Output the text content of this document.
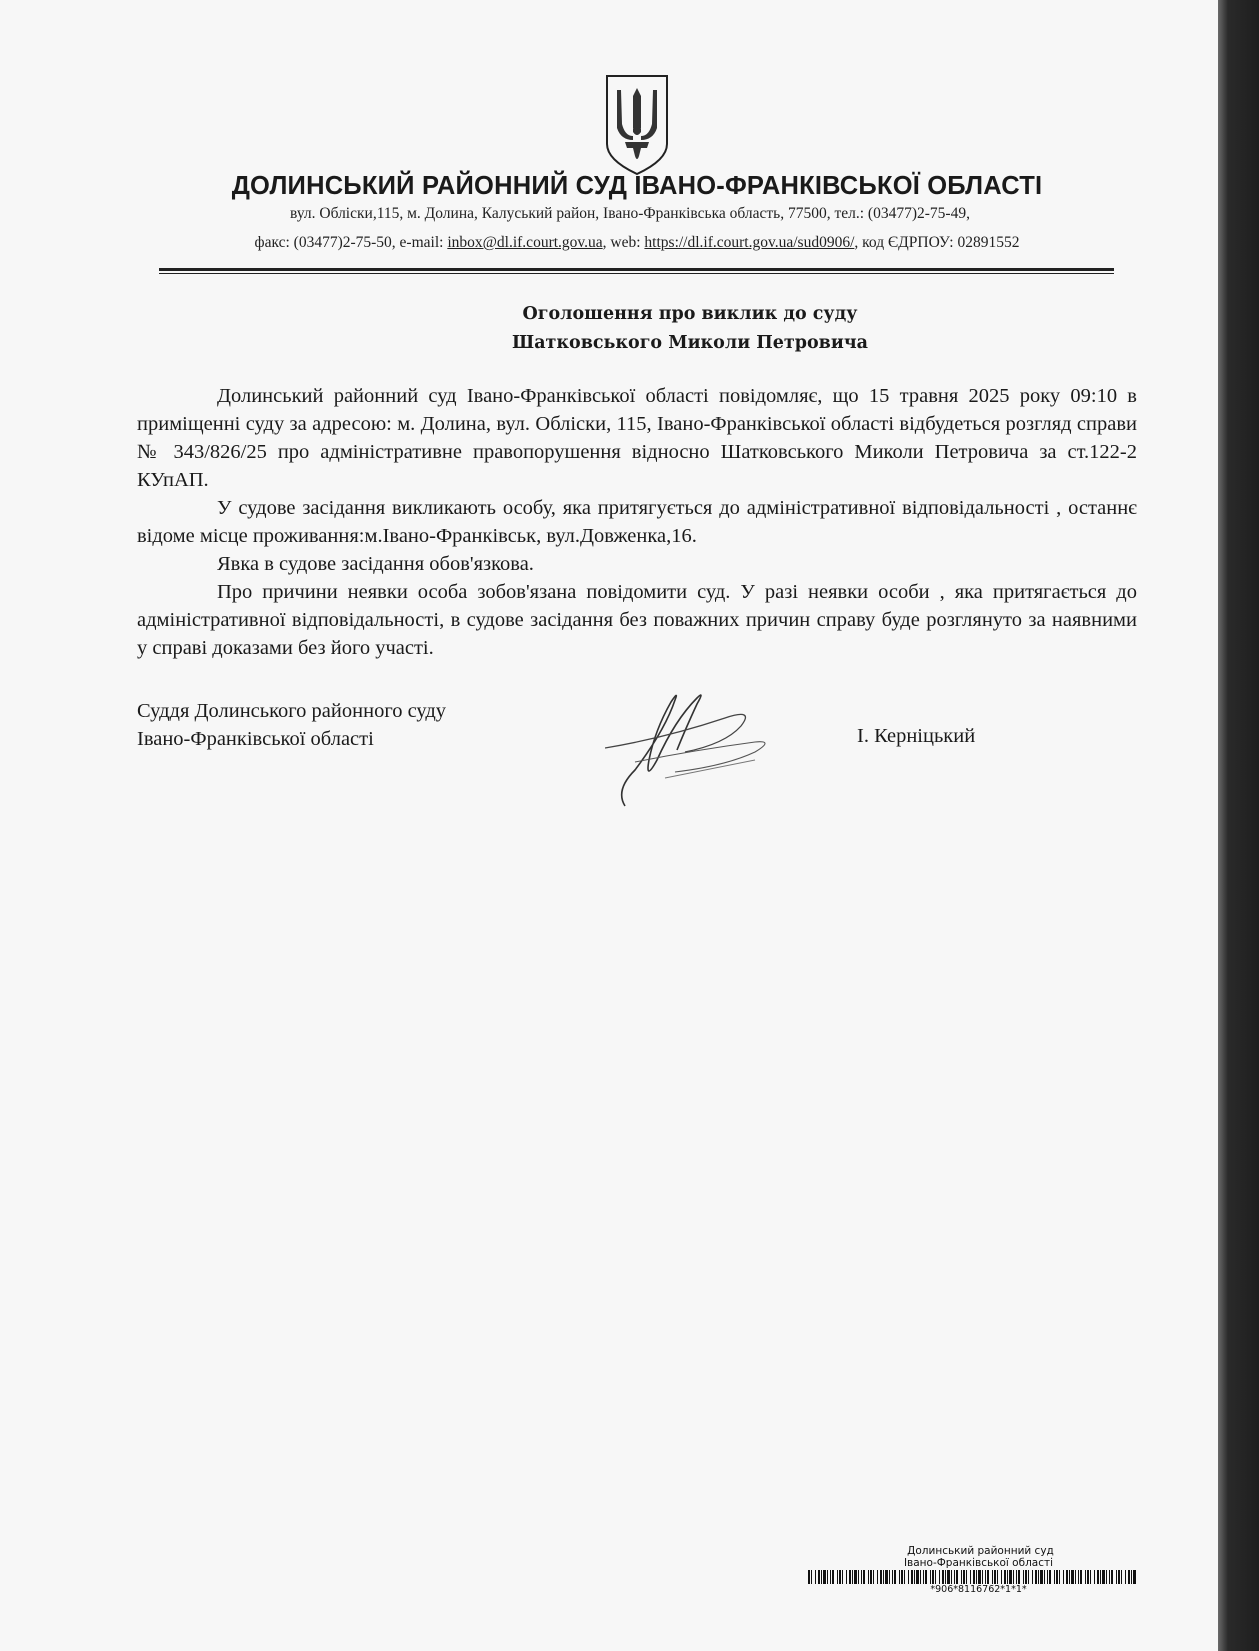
ДОЛИНСЬКИЙ РАЙОННИЙ СУД ІВАНО-ФРАНКІВСЬКОЇ ОБЛАСТІ
вул. Обліски,115, м. Долина, Калуський район, Івано-Франківська область, 77500, тел.: (03477)2-75-49,
факс: (03477)2-75-50, e-mail: inbox@dl.if.court.gov.ua, web: https://dl.if.court.gov.ua/sud0906/, код ЄДРПОУ: 02891552
Оголошення про виклик до суду
Шатковського Миколи Петровича

Долинський районний суд Івано-Франківської області повідомляє, що 15 травня 2025 року 09:10 в приміщенні суду за адресою: м. Долина, вул. Обліски, 115, Івано-Франківської області відбудеться розгляд справи № 343/826/25 про адміністративне правопорушення відносно Шатковського Миколи Петровича за ст.122-2 КУпАП.

У судове засідання викликають особу, яка притягується до адміністративної відповідальності , останнє відоме місце проживання:м.Івано-Франківськ, вул.Довженка,16.

Явка в судове засідання обов'язкова.

Про причини неявки особа зобов'язана повідомити суд. У разі неявки особи , яка притягається до адміністративної відповідальності, в судове засідання без поважних причин справу буде розглянуто за наявними у справі доказами без його участі.

Суддя Долинського районного суду
Івано-Франківської області	І. Керніцький
Долинський районний суд
Івано-Франківської області
*906*8116762*1*1*
